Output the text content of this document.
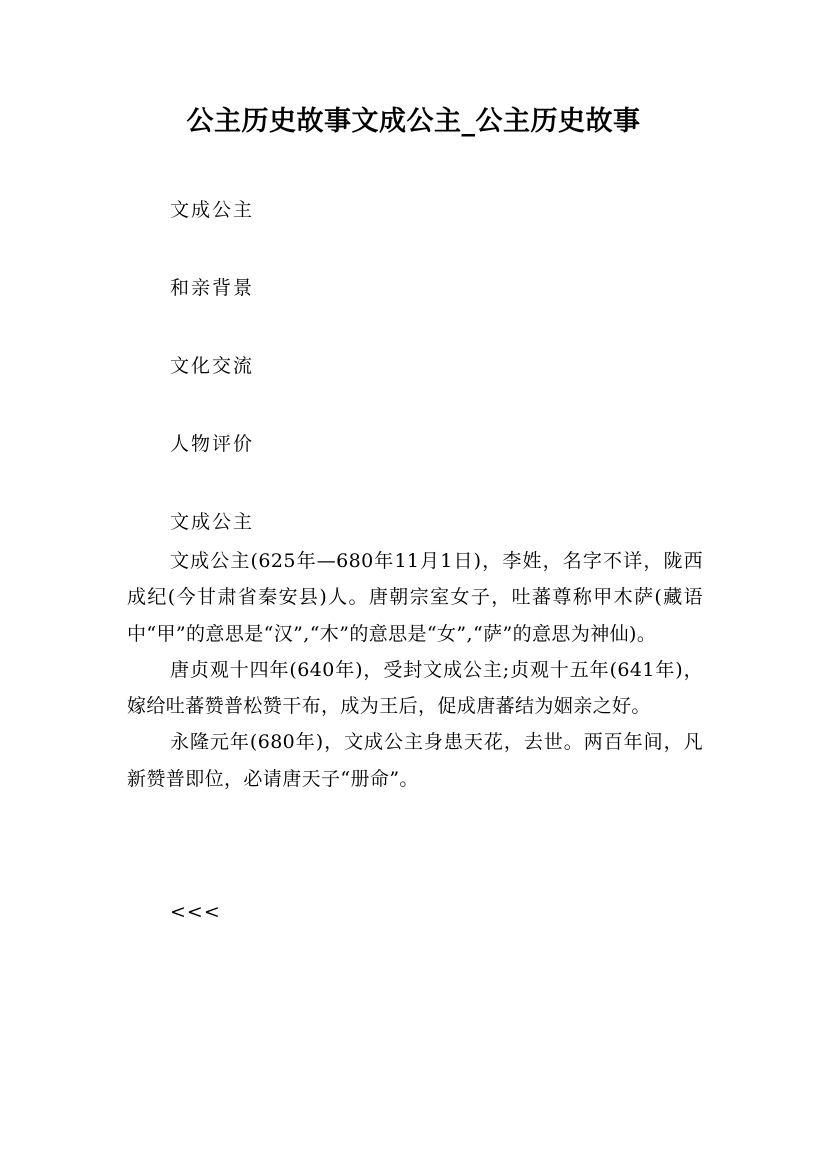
公主历史故事文成公主_公主历史故事
文成公主
和亲背景
文化交流
人物评价
文成公主

文成公主(625年—680年11月1日)，李姓，名字不详，陇西成纪(今甘肃省秦安县)人。唐朝宗室女子，吐蕃尊称甲木萨(藏语中“甲”的意思是“汉”,“木”的意思是“女”,“萨”的意思为神仙)。

唐贞观十四年(640年)，受封文成公主;贞观十五年(641年)，嫁给吐蕃赞普松赞干布，成为王后，促成唐蕃结为姻亲之好。

永隆元年(680年)，文成公主身患天花，去世。两百年间，凡新赞普即位，必请唐天子“册命”。

<<<
